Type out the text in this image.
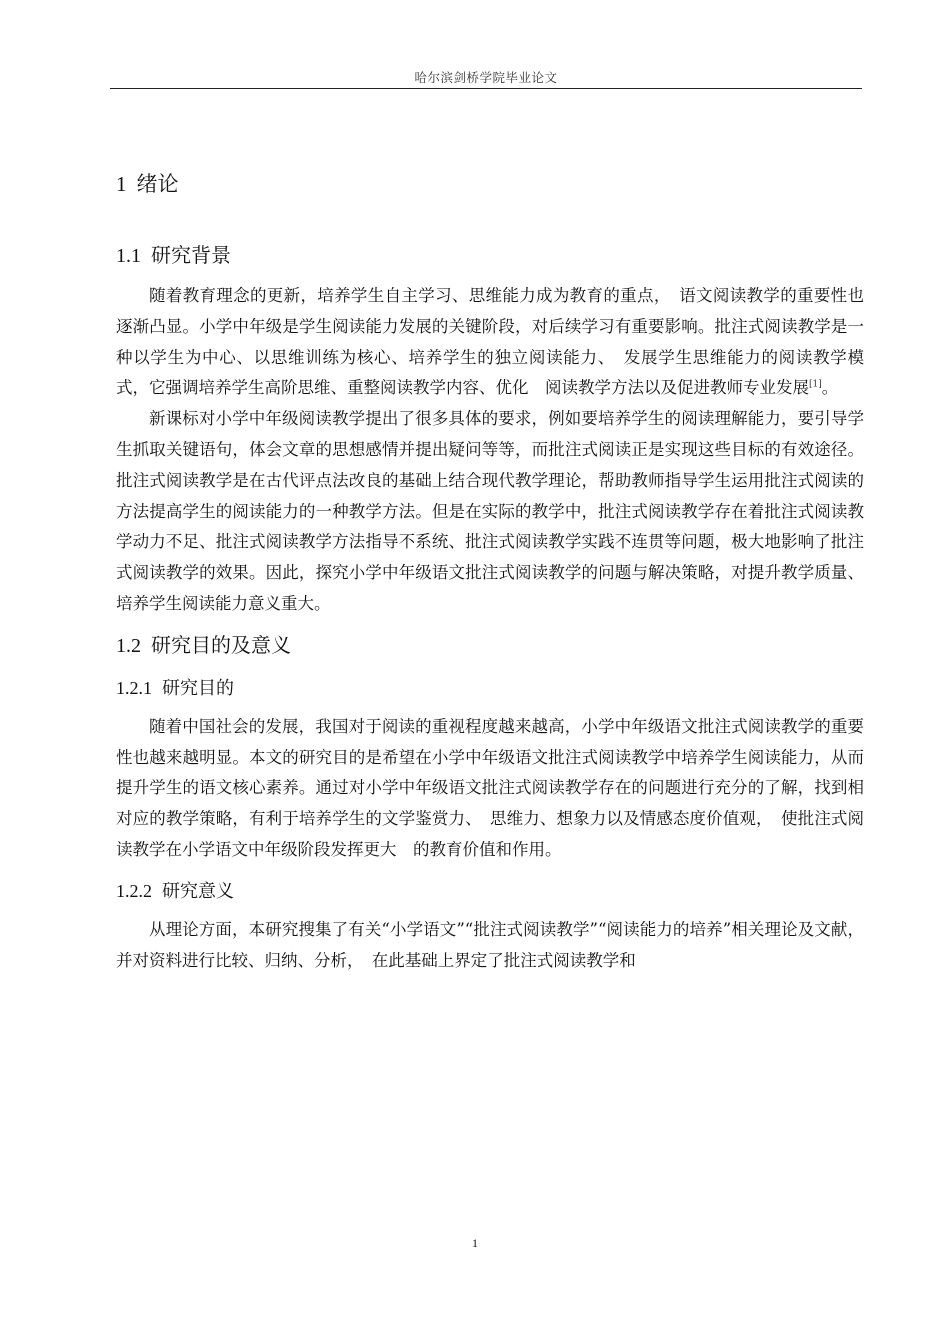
哈尔滨剑桥学院毕业论文
1 绪论
1.1 研究背景

随着教育理念的更新，培养学生自主学习、思维能力成为教育的重点，　语文阅读教学的重要性也逐渐凸显。小学中年级是学生阅读能力发展的关键阶段，对后续学习有重要影响。批注式阅读教学是一种以学生为中心、以思维训练为核心、培养学生的独立阅读能力、　发展学生思维能力的阅读教学模式，它强调培养学生高阶思维、重整阅读教学内容、优化　阅读教学方法以及促进教师专业发展[1]。

新课标对小学中年级阅读教学提出了很多具体的要求，例如要培养学生的阅读理解能力，要引导学生抓取关键语句，体会文章的思想感情并提出疑问等等，而批注式阅读正是实现这些目标的有效途径。批注式阅读教学是在古代评点法改良的基础上结合现代教学理论，帮助教师指导学生运用批注式阅读的方法提高学生的阅读能力的一种教学方法。但是在实际的教学中，批注式阅读教学存在着批注式阅读教学动力不足、批注式阅读教学方法指导不系统、批注式阅读教学实践不连贯等问题，极大地影响了批注式阅读教学的效果。因此，探究小学中年级语文批注式阅读教学的问题与解决策略，对提升教学质量、培养学生阅读能力意义重大。

1.2 研究目的及意义
1.2.1 研究目的

随着中国社会的发展，我国对于阅读的重视程度越来越高，小学中年级语文批注式阅读教学的重要性也越来越明显。本文的研究目的是希望在小学中年级语文批注式阅读教学中培养学生阅读能力，从而提升学生的语文核心素养。通过对小学中年级语文批注式阅读教学存在的问题进行充分的了解，找到相对应的教学策略，有利于培养学生的文学鉴赏力、　思维力、想象力以及情感态度价值观，　使批注式阅读教学在小学语文中年级阶段发挥更大　的教育价值和作用。

1.2.2 研究意义

从理论方面，本研究搜集了有关“小学语文”“批注式阅读教学”“阅读能力的培养”相关理论及文献，并对资料进行比较、归纳、分析，　在此基础上界定了批注式阅读教学和

1
